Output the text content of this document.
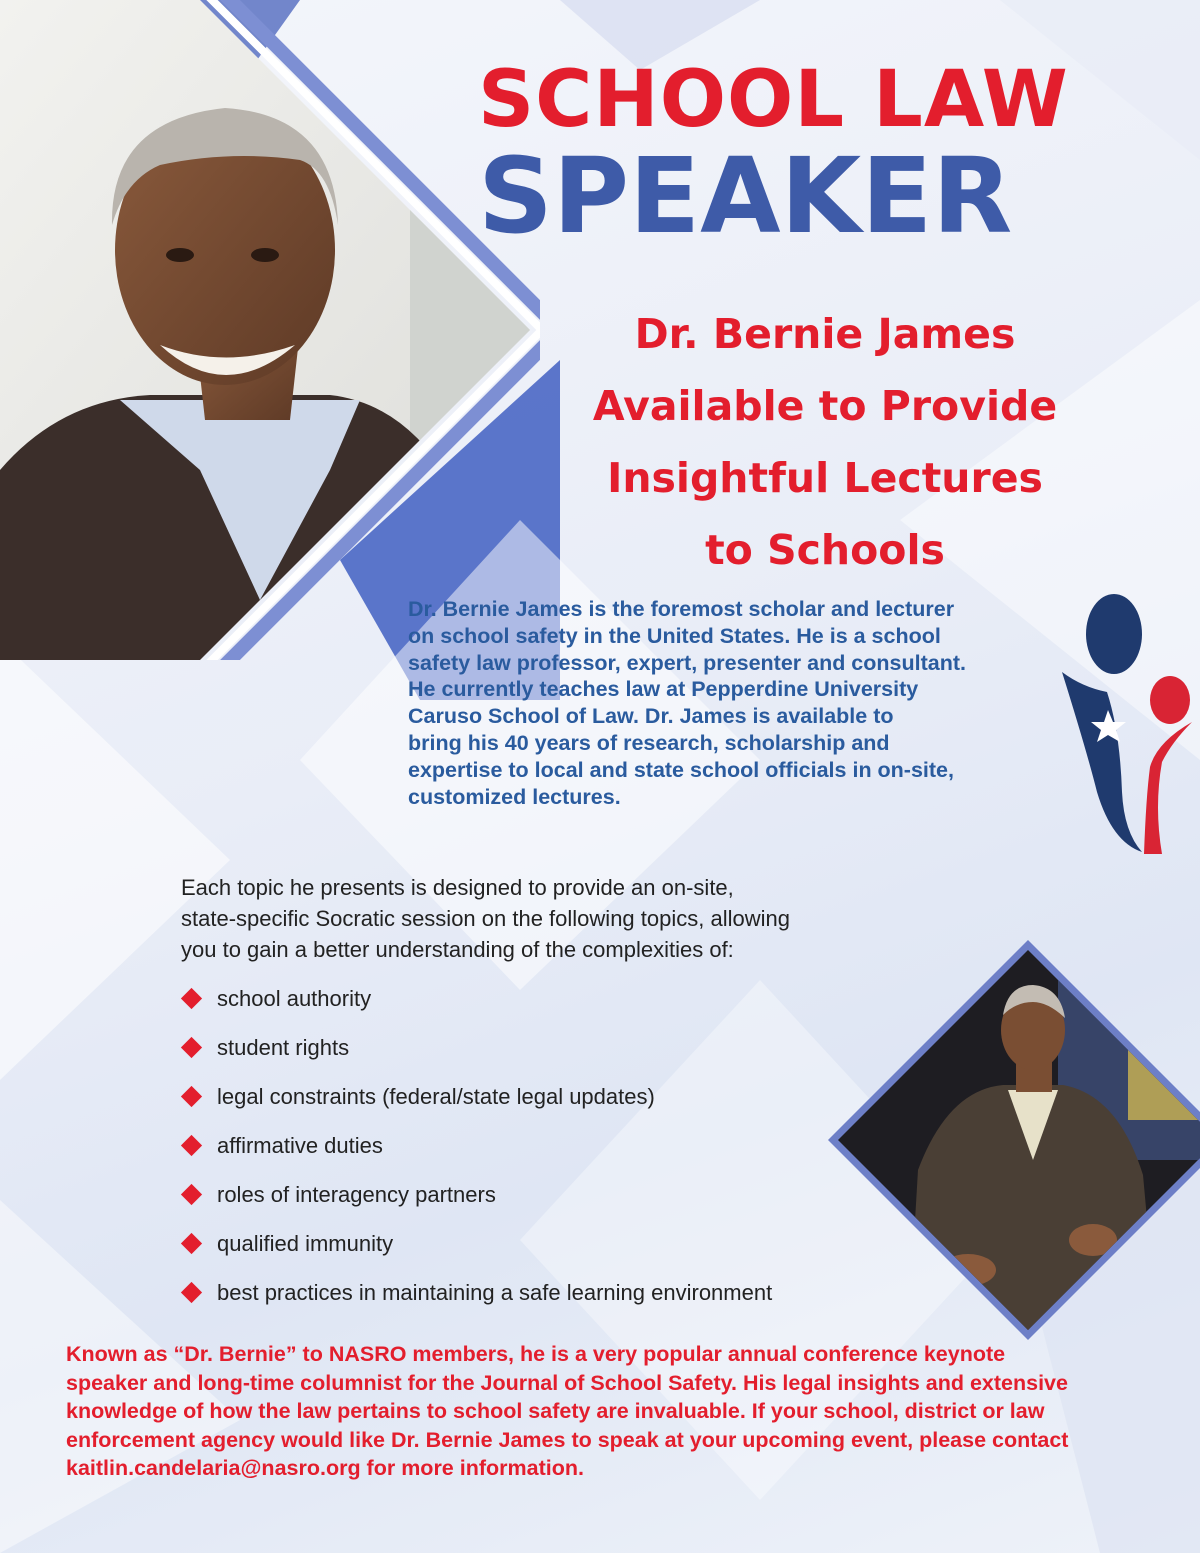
SCHOOL LAW
SPEAKER
Dr. Bernie James
Available to Provide
Insightful Lectures
to Schools
Dr. Bernie James is the foremost scholar and lecturer
on school safety in the United States. He is a school
safety law professor, expert, presenter and consultant.
He currently teaches law at Pepperdine University
Caruso School of Law. Dr. James is available to
bring his 40 years of research, scholarship and
expertise to local and state school officials in on-site,
customized lectures.
Each topic he presents is designed to provide an on-site,
state-specific Socratic session on the following topics, allowing
you to gain a better understanding of the complexities of:
school authority
student rights
legal constraints (federal/state legal updates)
affirmative duties
roles of interagency partners
qualified immunity
best practices in maintaining a safe learning environment
Known as “Dr. Bernie” to NASRO members, he is a very popular annual conference keynote
speaker and long-time columnist for the Journal of School Safety. His legal insights and extensive
knowledge of how the law pertains to school safety are invaluable. If your school, district or law
enforcement agency would like Dr. Bernie James to speak at your upcoming event, please contact
kaitlin.candelaria@nasro.org for more information.
